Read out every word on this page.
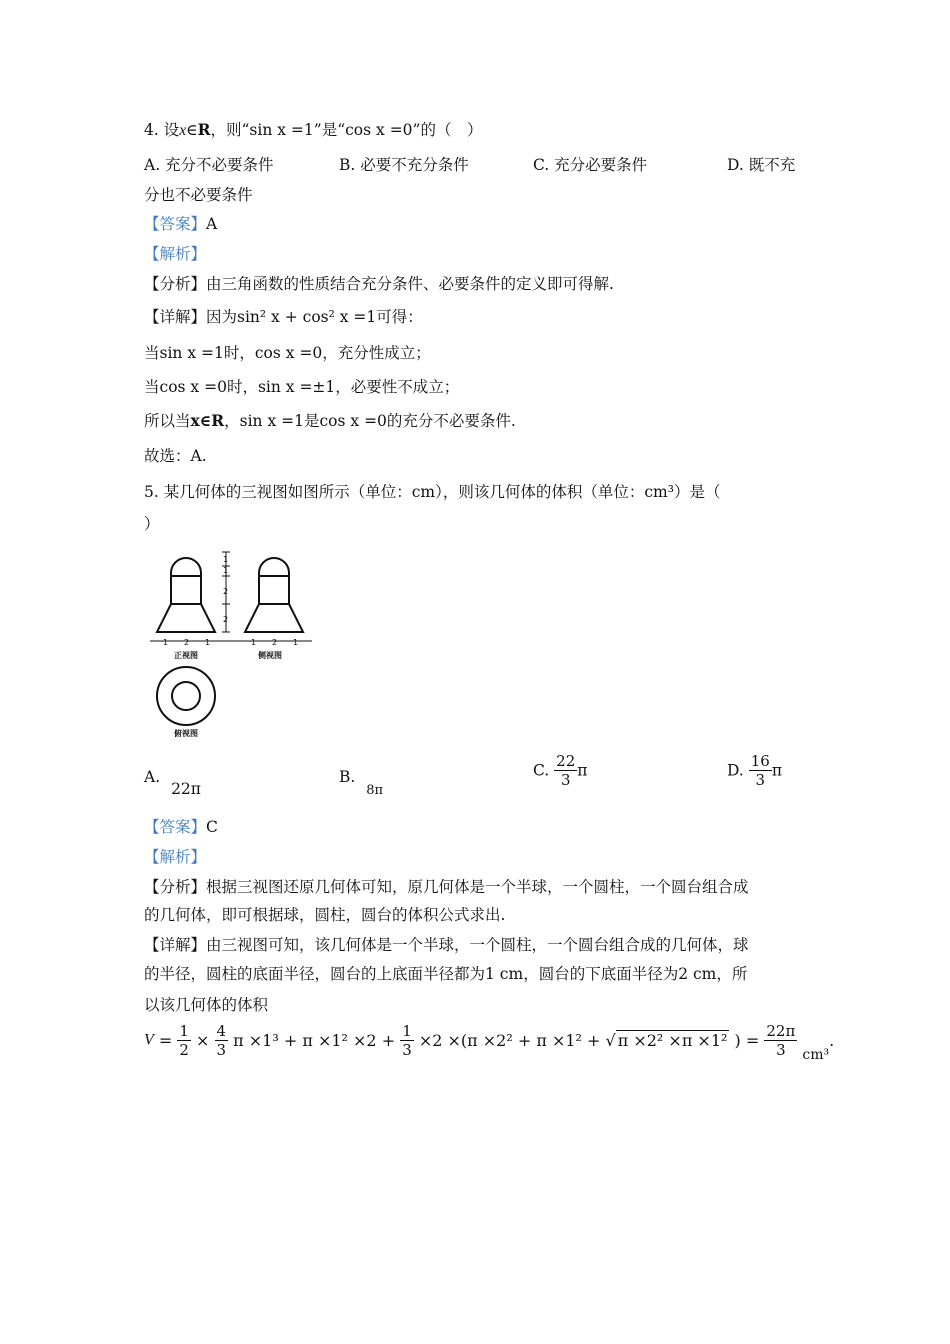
4. 设x∈R，则“sin x =1”是“cos x =0”的（　）
A. 充分不必要条件	B. 必要不充分条件	C. 充分必要条件	D. 既不充
分也不必要条件
【答案】A
【解析】
【分析】由三角函数的性质结合充分条件、必要条件的定义即可得解.
【详解】因为sin² x + cos² x =1可得：
当sin x =1时，cos x =0，充分性成立；
当cos x =0时，sin x =±1，必要性不成立；
所以当x∈R，sin x =1是cos x =0的充分不必要条件.
故选：A.
5. 某几何体的三视图如图所示（单位：cm），则该几何体的体积（单位：cm³）是（
）
1
1
2
2
1 2 1	1 2 1
正视图	侧视图
俯视图
A. 22π
B. $_{8\pi}$
C. $\frac{22}{3}$ π	D. $\frac{16}{3}$ π
【答案】C
【解析】
【分析】根据三视图还原几何体可知，原几何体是一个半球，一个圆柱，一个圆台组合成
的几何体，即可根据球，圆柱，圆台的体积公式求出.
【详解】由三视图可知，该几何体是一个半球，一个圆柱，一个圆台组合成的几何体，球
的半径，圆柱的底面半径，圆台的上底面半径都为1 cm，圆台的下底面半径为2 cm，所
以该几何体的体积
$V = \frac{1}{2} \times \frac{4}{3}$ $\pi \times 1^3 + \pi \times 1^2 \times 2 + \frac{1}{3} \times 2 \times(\pi \times 2^2 + \pi \times 1^2$ + √ π ×2² ×π ×1² ) = $\frac{22\pi}{3} cm^3$.
